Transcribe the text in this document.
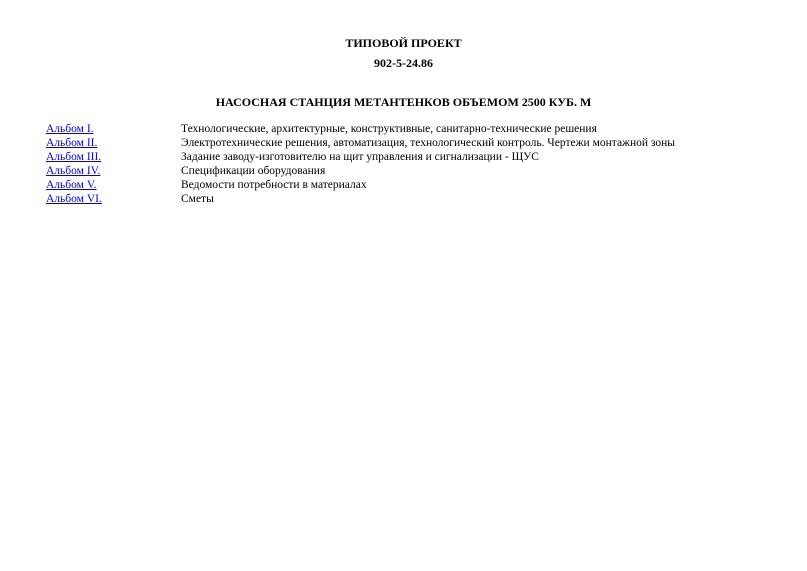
ТИПОВОЙ ПРОЕКТ

902-5-24.86

НАСОСНАЯ СТАНЦИЯ МЕТАНТЕНКОВ ОБЪЕМОМ 2500 КУБ. М

Альбом I.	Технологические, архитектурные, конструктивные, санитарно-технические решения
Альбом II.	Электротехнические решения, автоматизация, технологический контроль. Чертежи монтажной зоны
Альбом III.	Задание заводу-изготовителю на щит управления и сигнализации - ЩУС
Альбом IV.	Спецификации оборудования
Альбом V.	Ведомости потребности в материалах
Альбом VI.	Сметы
